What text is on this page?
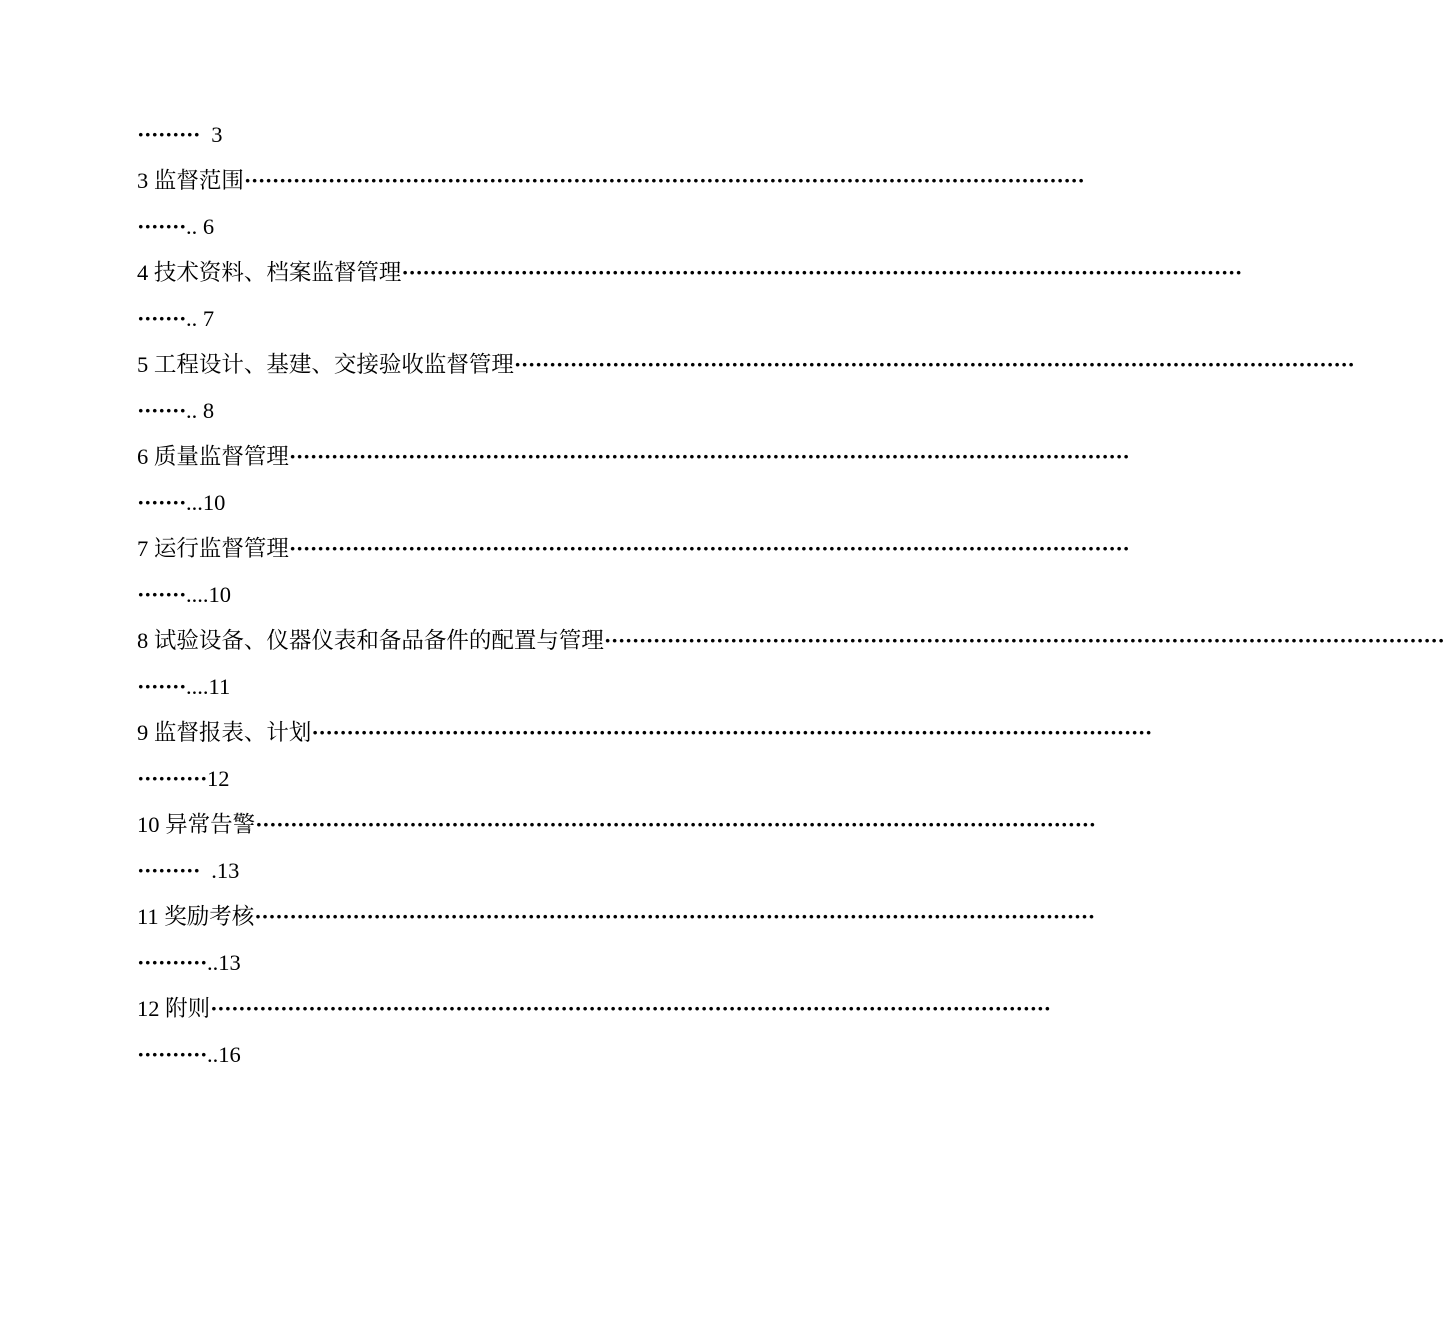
········· 3
3 监督范围 ························································································································
······· .. 6
4 技术资料、档案监督管理 ························································································································
······· .. 7
5 工程设计、基建、交接验收监督管理 ························································································································
······· .. 8
6 质量监督管理 ························································································································
······· ...10
7 运行监督管理 ························································································································
······· ....10
8 试验设备、仪器仪表和备品备件的配置与管理 ························································································································
······· ....11
9 监督报表、计划 ························································································································
·········· 12
10 异常告警 ························································································································
········· .13
11 奖励考核 ························································································································
·········· ..13
12 附则 ························································································································
·········· ..16
